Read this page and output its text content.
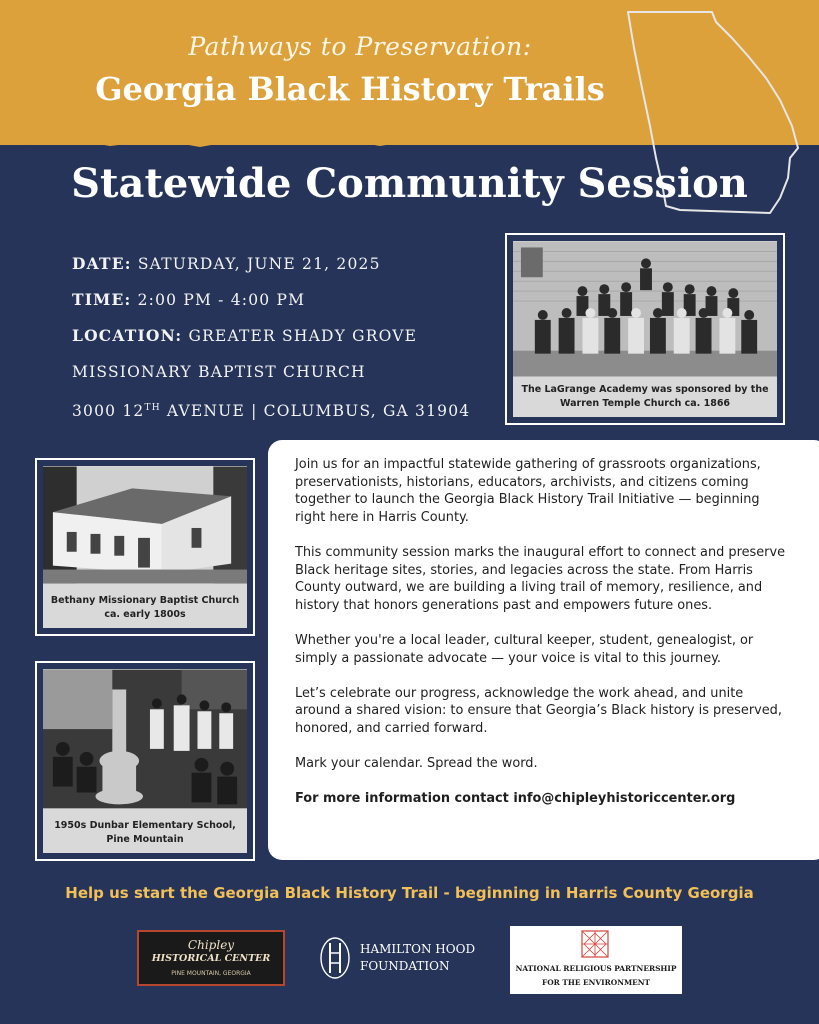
Pathways to Preservation:
Georgia Black History Trails
Statewide Community Session
DATE: SATURDAY, JUNE 21, 2025
TIME: 2:00 PM - 4:00 PM
LOCATION: GREATER SHADY GROVE
MISSIONARY BAPTIST CHURCH
3000 12TH AVENUE | COLUMBUS, GA 31904
The LaGrange Academy was sponsored by the Warren Temple Church ca. 1866
Bethany Missionary Baptist Church ca. early 1800s
1950s Dunbar Elementary School, Pine Mountain

Join us for an impactful statewide gathering of grassroots organizations, preservationists, historians, educators, archivists, and citizens coming together to launch the Georgia Black History Trail Initiative — beginning right here in Harris County.

This community session marks the inaugural effort to connect and preserve Black heritage sites, stories, and legacies across the state. From Harris County outward, we are building a living trail of memory, resilience, and history that honors generations past and empowers future ones.

Whether you're a local leader, cultural keeper, student, genealogist, or simply a passionate advocate — your voice is vital to this journey.

Let’s celebrate our progress, acknowledge the work ahead, and unite around a shared vision: to ensure that Georgia’s Black history is preserved, honored, and carried forward.

Mark your calendar. Spread the word.

For more information contact info@chipleyhistoriccenter.org

Help us start the Georgia Black History Trail - beginning in Harris County Georgia
Chipley
HISTORICAL CENTER
PINE MOUNTAIN, GEORGIA
HAMILTON HOOD
FOUNDATION	NATIONAL RELIGIOUS PARTNERSHIP
FOR THE ENVIRONMENT
